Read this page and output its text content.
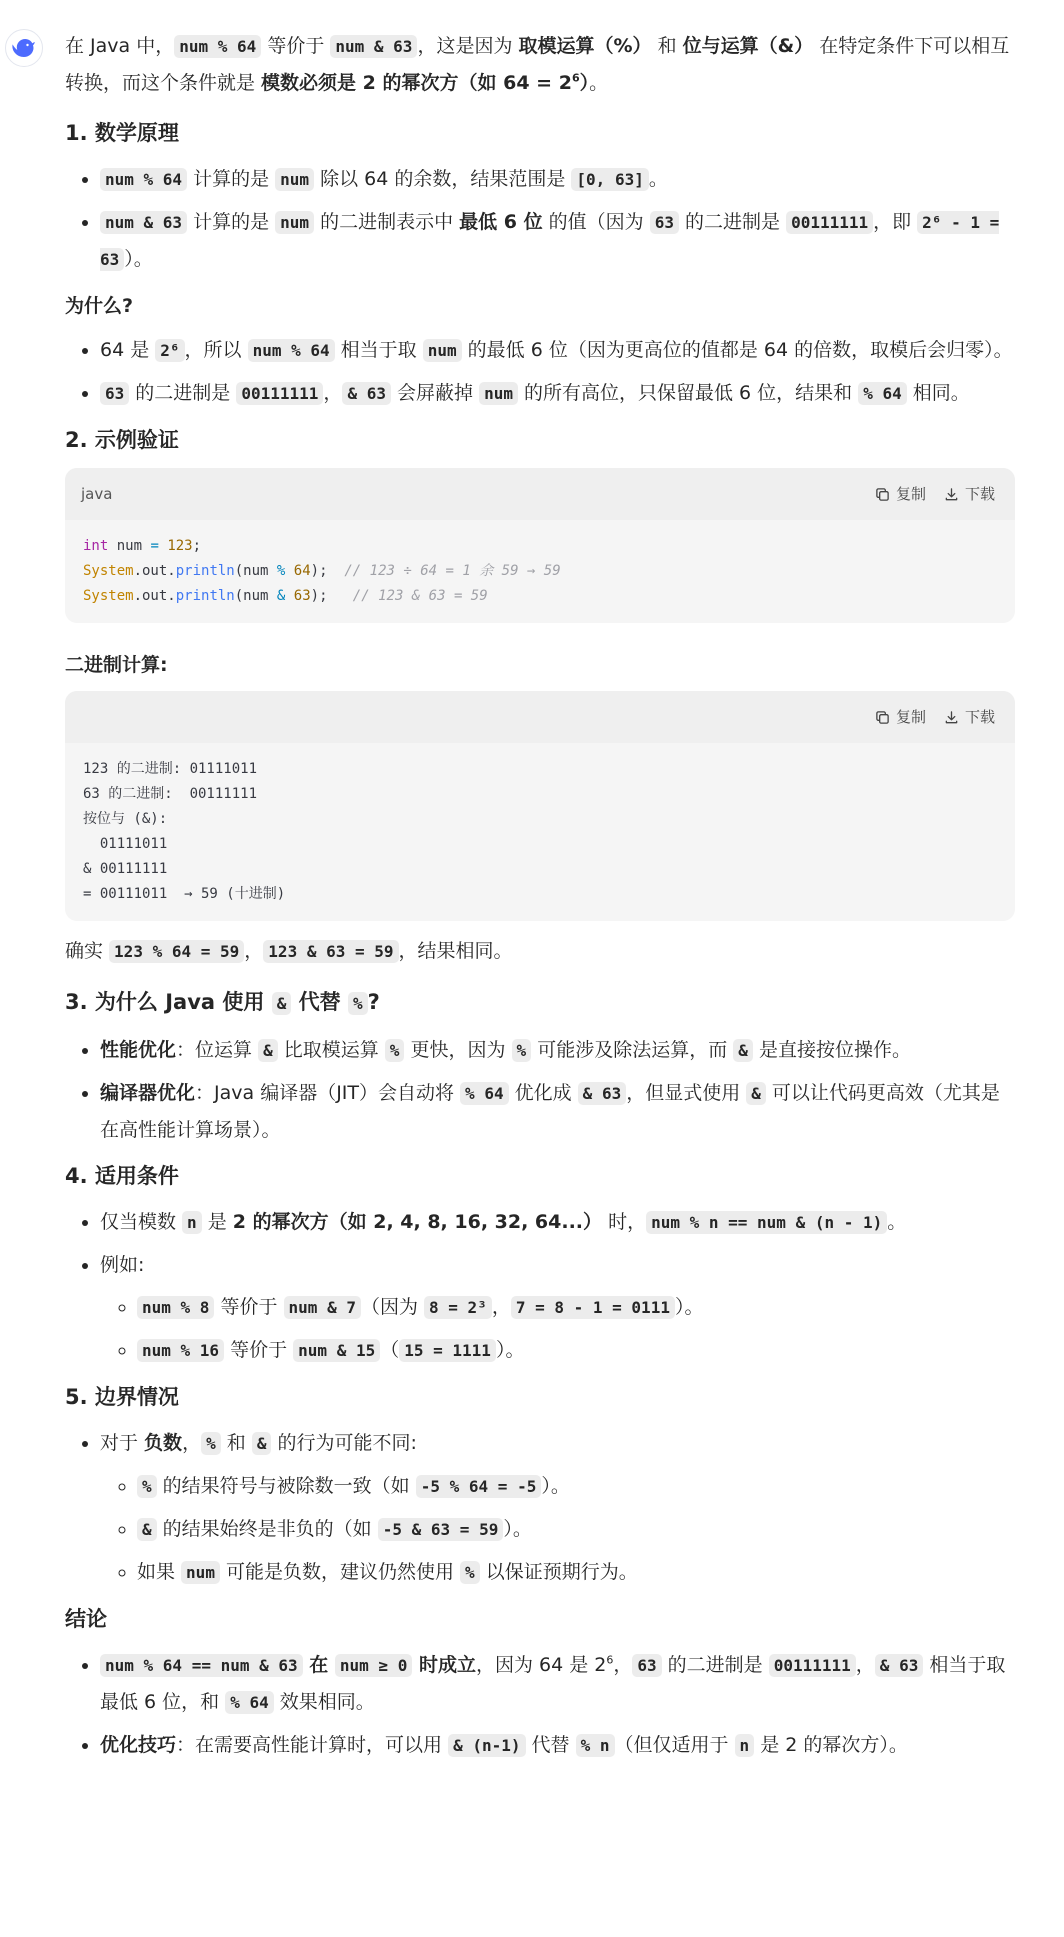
在 Java 中， num % 64 等价于 num & 63 ，这是因为 取模运算（%） 和 位与运算（&） 在特定条件下可以相互转换，而这个条件就是 模数必须是 2 的幂次方（如 $64 = 2^6$）。

1. 数学原理
• num % 64 计算的是 num 除以 64 的余数，结果范围是 [0, 63] 。
• num & 63 计算的是 num 的二进制表示中 最低 6 位 的值（因为 63 的二进制是 00111111 ，即 2⁶ - 1 = 63 ）。
为什么?
• 64 是 2⁶ ，所以 num % 64 相当于取 num 的最低 6 位（因为更高位的值都是 64 的倍数，取模后会归零）。
• 63 的二进制是 00111111 ， & 63 会屏蔽掉 num 的所有高位，只保留最低 6 位，结果和 % 64 相同。
2. 示例验证
java	复制	下载
int num = 123;
System.out.println(num % 64);  // 123 ÷ 64 = 1 余 59 → 59
System.out.println(num & 63);   // 123 & 63 = 59
二进制计算:
复制	下载
123 的二进制: 01111011
63 的二进制:  00111111
按位与 (&):
01111011
& 00111111
= 00111011  → 59 (十进制)

确实 123 % 64 = 59 ， 123 & 63 = 59 ，结果相同。

3. 为什么 Java 使用 & 代替 % ?
• 性能优化：位运算 & 比取模运算 % 更快，因为 % 可能涉及除法运算，而 & 是直接按位操作。
• 编译器优化：Java 编译器（JIT）会自动将 % 64 优化成 & 63 ，但显式使用 & 可以让代码更高效（尤其是在高性能计算场景）。
4. 适用条件
• 仅当模数 n 是 2 的幂次方（如 2, 4, 8, 16, 32, 64...） 时， num % n == num & (n - 1) 。
• 例如:
◦ num % 8 等价于 num & 7 （因为 8 = 2³ ， 7 = 8 - 1 = 0111 ）。
◦ num % 16 等价于 num & 15 （ 15 = 1111 ）。
5. 边界情况
• 对于 负数， % 和 & 的行为可能不同:
◦ % 的结果符号与被除数一致（如 -5 % 64 = -5 ）。
◦ & 的结果始终是非负的（如 -5 & 63 = 59 ）。
◦ 如果 num 可能是负数，建议仍然使用 % 以保证预期行为。
结论
• num % 64 == num & 63 在 num ≥ 0 时成立，因为 64 是 $2^6$， 63 的二进制是 00111111 ， & 63 相当于取最低 6 位，和 % 64 效果相同。
• 优化技巧：在需要高性能计算时，可以用 & (n-1) 代替 % n （但仅适用于 n 是 2 的幂次方）。
